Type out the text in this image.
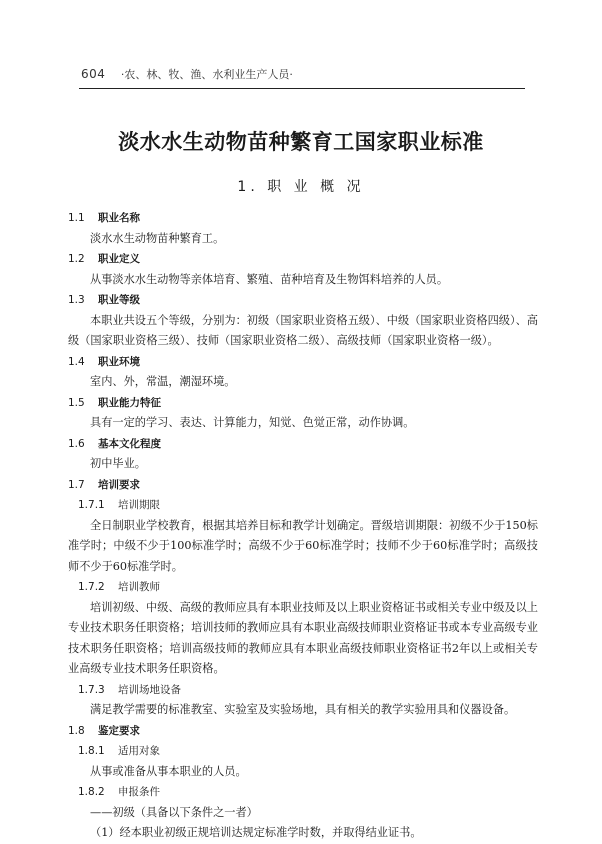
604 ·农、林、牧、渔、水利业生产人员·
淡水水生动物苗种繁育工国家职业标准
1. 职 业 概 况
1.1 职业名称
淡水水生动物苗种繁育工。
1.2 职业定义
从事淡水水生动物等亲体培育、繁殖、苗种培育及生物饵料培养的人员。
1.3 职业等级
本职业共设五个等级，分别为：初级（国家职业资格五级）、中级（国家职业资格四级）、高级（国家职业资格三级）、技师（国家职业资格二级）、高级技师（国家职业资格一级）。
1.4 职业环境
室内、外，常温，潮湿环境。
1.5 职业能力特征
具有一定的学习、表达、计算能力，知觉、色觉正常，动作协调。
1.6 基本文化程度
初中毕业。
1.7 培训要求
1.7.1 培训期限
全日制职业学校教育，根据其培养目标和教学计划确定。晋级培训期限：初级不少于150标准学时；中级不少于100标准学时；高级不少于60标准学时；技师不少于60标准学时；高级技师不少于60标准学时。
1.7.2 培训教师
培训初级、中级、高级的教师应具有本职业技师及以上职业资格证书或相关专业中级及以上专业技术职务任职资格；培训技师的教师应具有本职业高级技师职业资格证书或本专业高级专业技术职务任职资格；培训高级技师的教师应具有本职业高级技师职业资格证书2年以上或相关专业高级专业技术职务任职资格。
1.7.3 培训场地设备
满足教学需要的标准教室、实验室及实验场地，具有相关的教学实验用具和仪器设备。
1.8 鉴定要求
1.8.1 适用对象
从事或准备从事本职业的人员。
1.8.2 申报条件
——初级（具备以下条件之一者）
（1）经本职业初级正规培训达规定标准学时数，并取得结业证书。
